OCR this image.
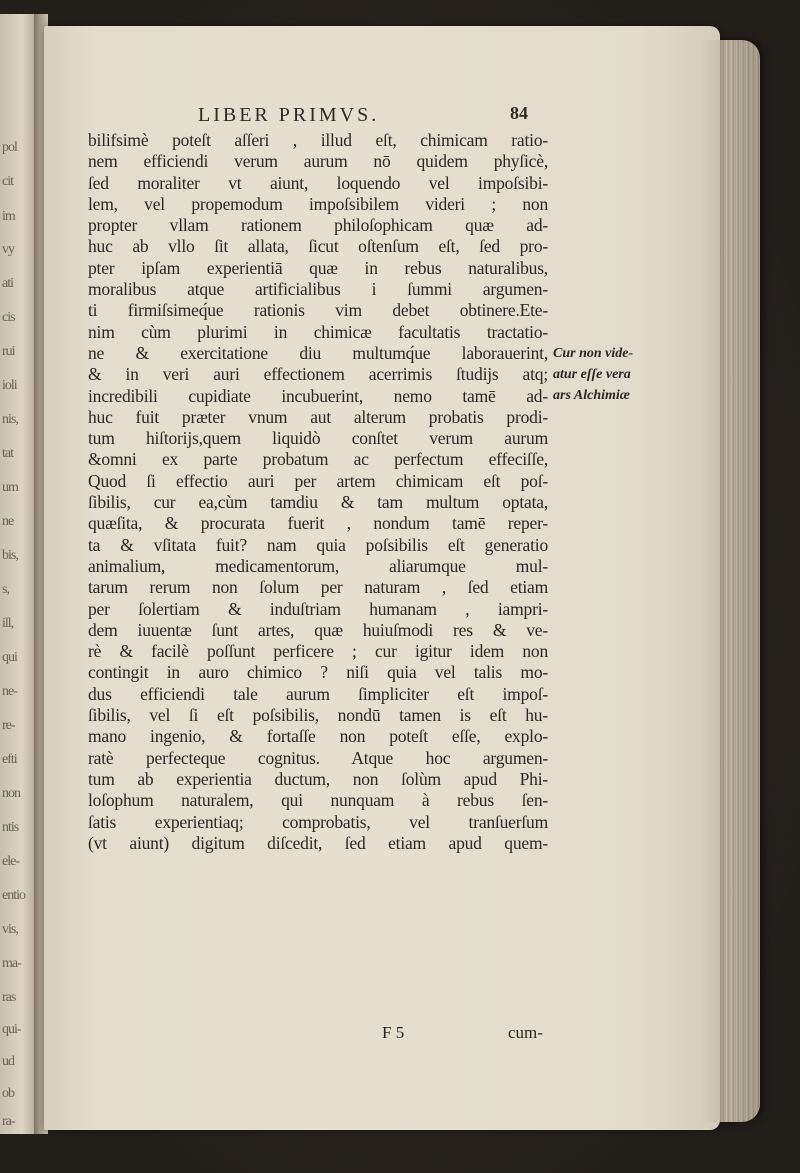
pol
cit
im
vy
ati
cis
rui
ioli
nis,
tat
um
ne
bis,
s,
ill,
qui
ne-
re-
efti
non
ntis
ele-
entio
vis,
ma-
ras
qui-
ud
ob
ra-
LIBER PRIMVS.	84
bilifsimè poteſt aſſeri , illud eſt, chimicam ratio-
nem efficiendi verum aurum nō quidem phyſicè,
ſed moraliter vt aiunt, loquendo vel impoſsibi-
lem, vel propemodum impoſsibilem videri ; non
propter vllam rationem philoſophicam quæ ad-
huc ab vllo ſit allata, ſicut oſtenſum eſt, ſed pro-
pter ipſam experientiā quæ in rebus naturalibus,
moralibus atque artificialibus i ſummi argumen-
ti firmiſsimeq́ue rationis vim debet obtinere.Ete-
nim cùm plurimi in chimicæ facultatis tractatio-
ne & exercitatione diu multumq́ue laborauerint,
& in veri auri effectionem acerrimis ſtudijs atq;
incredibili cupidiate incubuerint, nemo tamē ad-
huc fuit præter vnum aut alterum probatis prodi-
tum hiſtorijs,quem liquidò conſtet verum aurum
&omni ex parte probatum ac perfectum effeciſſe,
Quod ſi effectio auri per artem chimicam eſt poſ-
ſibilis, cur ea,cùm tamdiu & tam multum optata,
quæſita, & procurata fuerit , nondum tamē reper-
ta & vſitata fuit? nam quia poſsibilis eſt generatio
animalium, medicamentorum, aliarumque mul-
tarum rerum non ſolum per naturam , ſed etiam
per ſolertiam & induſtriam humanam , iampri-
dem iuuentæ ſunt artes, quæ huiuſmodi res & ve-
rè & facilè poſſunt perficere ; cur igitur idem non
contingit in auro chimico ? niſi quia vel talis mo-
dus efficiendi tale aurum ſimpliciter eſt impoſ-
ſibilis, vel ſi eſt poſsibilis, nondū tamen is eſt hu-
mano ingenio, & fortaſſe non poteſt eſſe, explo-
ratè perfecteque cognitus. Atque hoc argumen-
tum ab experientia ductum, non ſolùm apud Phi-
loſophum naturalem, qui nunquam à rebus ſen-
ſatis experientiaq; comprobatis, vel tranſuerſum
(vt aiunt) digitum diſcedit, ſed etiam apud quem-
Cur non vide-
atur eſſe vera
ars Alchimiæ
F 5	cum-
